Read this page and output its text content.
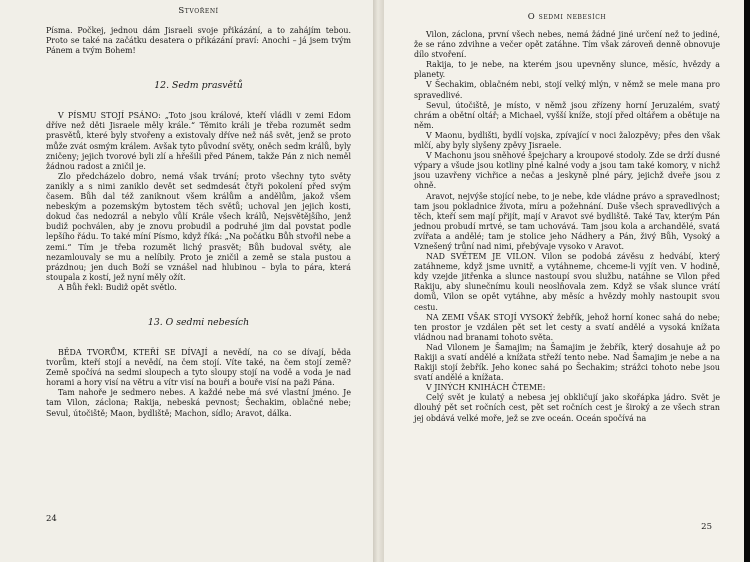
Stvoření

Písma. Počkej, jednou dám Jisraeli svoje přikázání, a to zahájím tebou. Proto se také na začátku desatera o přikázání praví: Anochi – já jsem tvým Pánem a tvým Bohem!

12. Sedm prasvětů

V PÍSMU STOJÍ PSÁNO: „Toto jsou králové, kteří vládli v zemi Edom dříve než děti Jisraele měly krále.“ Těmito králi je třeba rozumět sedm prasvětů, které byly stvořeny a existovaly dříve než náš svět, jenž se proto může zvát osmým králem. Avšak tyto původní světy, oněch sedm králů, byly zničeny; jejich tvorové byli zlí a hřešili před Pánem, takže Pán z nich neměl žádnou radost a zničil je.

Zlo předcházelo dobro, nemá však trvání; proto všechny tyto světy zanikly a s nimi zaniklo devět set sedmdesát čtyři pokolení před svým časem. Bůh dal též zaniknout všem králům a andělům, jakož všem nebeským a pozemským bytostem těch světů; uchoval jen jejich kosti, dokud čas nedozrál a nebylo vůlí Krále všech králů, Nejsvětějšího, jenž budiž pochválen, aby je znovu probudil a podruhé jim dal povstat podle lepšího řádu. To také míní Písmo, když říká: „Na počátku Bůh stvořil nebe a zemi.“ Tím je třeba rozumět lichý prasvět; Bůh budoval světy, ale nezamlouvaly se mu a nelíbily. Proto je zničil a země se stala pustou a prázdnou; jen duch Boží se vznášel nad hlubinou – byla to pára, která stoupala z kostí, jež nyní měly ožít.

A Bůh řekl: Budiž opět světlo.

13. O sedmi nebesích

BĚDA TVORŮM, KTEŘÍ SE DÍVAJÍ a nevědí, na co se dívají, běda tvorům, kteří stojí a nevědí, na čem stojí. Víte také, na čem stojí země? Země spočívá na sedmi sloupech a tyto sloupy stojí na vodě a voda je nad horami a hory visí na větru a vítr visí na bouři a bouře visí na paži Pána.

Tam nahoře je sedmero nebes. A každé nebe má své vlastní jméno. Je tam Vilon, záclona; Rakija, nebeská pevnost; Šechakim, oblačné nebe; Sevul, útočiště; Maon, bydliště; Machon, sídlo; Aravot, dálka.

24
O sedmi nebesích

Vilon, záclona, první všech nebes, nemá žádné jiné určení než to jediné, že se ráno zdvihne a večer opět zatáhne. Tím však zároveň denně obnovuje dílo stvoření.

Rakija, to je nebe, na kterém jsou upevněny slunce, měsíc, hvězdy a planety.

V Šechakim, oblačném nebi, stojí velký mlýn, v němž se mele mana pro spravedlivé.

Sevul, útočiště, je místo, v němž jsou zřízeny horní Jeruzalém, svatý chrám a obětní oltář; a Michael, vyšší kníže, stojí před oltářem a obětuje na něm.

V Maonu, bydlišti, bydlí vojska, zpívající v noci žalozpěvy; přes den však mlčí, aby byly slyšeny zpěvy Jisraele.

V Machonu jsou sněhové špejchary a kroupové stodoly. Zde se drží dusné výpary a všude jsou kotliny plné kalné vody a jsou tam také komory, v nichž jsou uzavřeny vichřice a nečas a jeskyně plné páry, jejichž dveře jsou z ohně.

Aravot, nejvýše stojící nebe, to je nebe, kde vládne právo a spravedlnost; tam jsou pokladnice života, míru a požehnání. Duše všech spravedlivých a těch, kteří sem mají přijít, mají v Aravot své bydliště. Také Tav, kterým Pán jednou probudí mrtvé, se tam uchovává. Tam jsou kola a archandělé, svatá zvířata a andělé; tam je stolice jeho Nádhery a Pán, živý Bůh, Vysoký a Vznešený trůní nad nimi, přebývaje vysoko v Aravot.

NAD SVĚTEM JE VILON. Vilon se podobá závěsu z hedvábí, který zatáhneme, když jsme uvnitř, a vytáhneme, chceme-li vyjít ven. V hodině, kdy vzejde jitřenka a slunce nastoupí svou službu, natáhne se Vilon před Rakiju, aby slunečnímu kouli neoslňovala zem. Když se však slunce vrátí domů, Vilon se opět vytáhne, aby měsíc a hvězdy mohly nastoupit svou cestu.

NA ZEMI VŠAK STOJÍ VYSOKÝ žebřík, jehož horní konec sahá do nebe; ten prostor je vzdálen pět set let cesty a svatí andělé a vysoká knížata vládnou nad branami tohoto světa.

Nad Vilonem je Šamajim; na Šamajim je žebřík, který dosahuje až po Rakiji a svatí andělé a knížata střeží tento nebe. Nad Šamajim je nebe a na Rakiji stojí žebřík. Jeho konec sahá po Šechakim; strážci tohoto nebe jsou svatí andělé a knížata.

V JINÝCH KNIHÁCH ČTEME:

Celý svět je kulatý a nebesa jej obkličují jako skořápka jádro. Svět je dlouhý pět set ročních cest, pět set ročních cest je široký a ze všech stran jej obdává velké moře, jež se zve oceán. Oceán spočívá na

25
